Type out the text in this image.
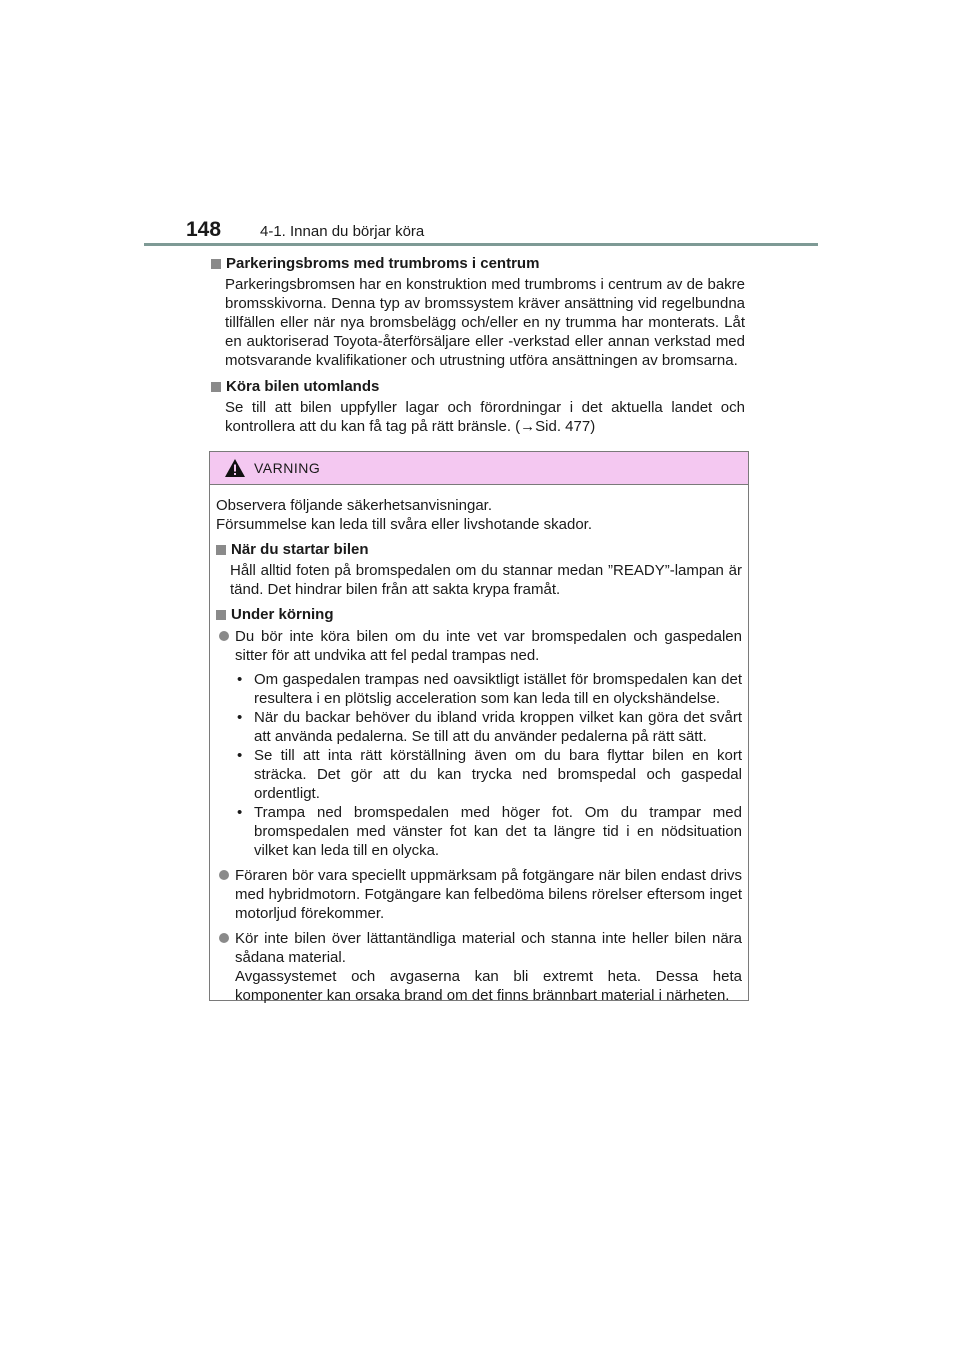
148	4-1. Innan du börjar köra

Parkeringsbroms med trumbroms i centrum

Parkeringsbromsen har en konstruktion med trumbroms i centrum av de bakre bromsskivorna. Denna typ av bromssystem kräver ansättning vid regelbundna tillfällen eller när nya bromsbelägg och/eller en ny trumma har monterats. Låt en auktoriserad Toyota-återförsäljare eller -verkstad eller annan verkstad med motsvarande kvalifikationer och utrustning utföra ansättningen av bromsarna.

Köra bilen utomlands

Se till att bilen uppfyller lagar och förordningar i det aktuella landet och kontrollera att du kan få tag på rätt bränsle. (→Sid. 477)

VARNING

Observera följande säkerhetsanvisningar.
Försummelse kan leda till svåra eller livshotande skador.

När du startar bilen

Håll alltid foten på bromspedalen om du stannar medan ”READY”-lampan är tänd. Det hindrar bilen från att sakta krypa framåt.

Under körning

Du bör inte köra bilen om du inte vet var bromspedalen och gaspedalen sitter för att undvika att fel pedal trampas ned.
• Om gaspedalen trampas ned oavsiktligt istället för bromspedalen kan det resultera i en plötslig acceleration som kan leda till en olyckshändelse.
• När du backar behöver du ibland vrida kroppen vilket kan göra det svårt att använda pedalerna. Se till att du använder pedalerna på rätt sätt.
• Se till att inta rätt körställning även om du bara flyttar bilen en kort sträcka. Det gör att du kan trycka ned bromspedal och gaspedal ordentligt.
• Trampa ned bromspedalen med höger fot. Om du trampar med bromspedalen med vänster fot kan det ta längre tid i en nödsituation vilket kan leda till en olycka.
Föraren bör vara speciellt uppmärksam på fotgängare när bilen endast drivs med hybridmotorn. Fotgängare kan felbedöma bilens rörelser eftersom inget motorljud förekommer.
Kör inte bilen över lättantändliga material och stanna inte heller bilen nära sådana material.
Avgassystemet och avgaserna kan bli extremt heta. Dessa heta komponenter kan orsaka brand om det finns brännbart material i närheten.
